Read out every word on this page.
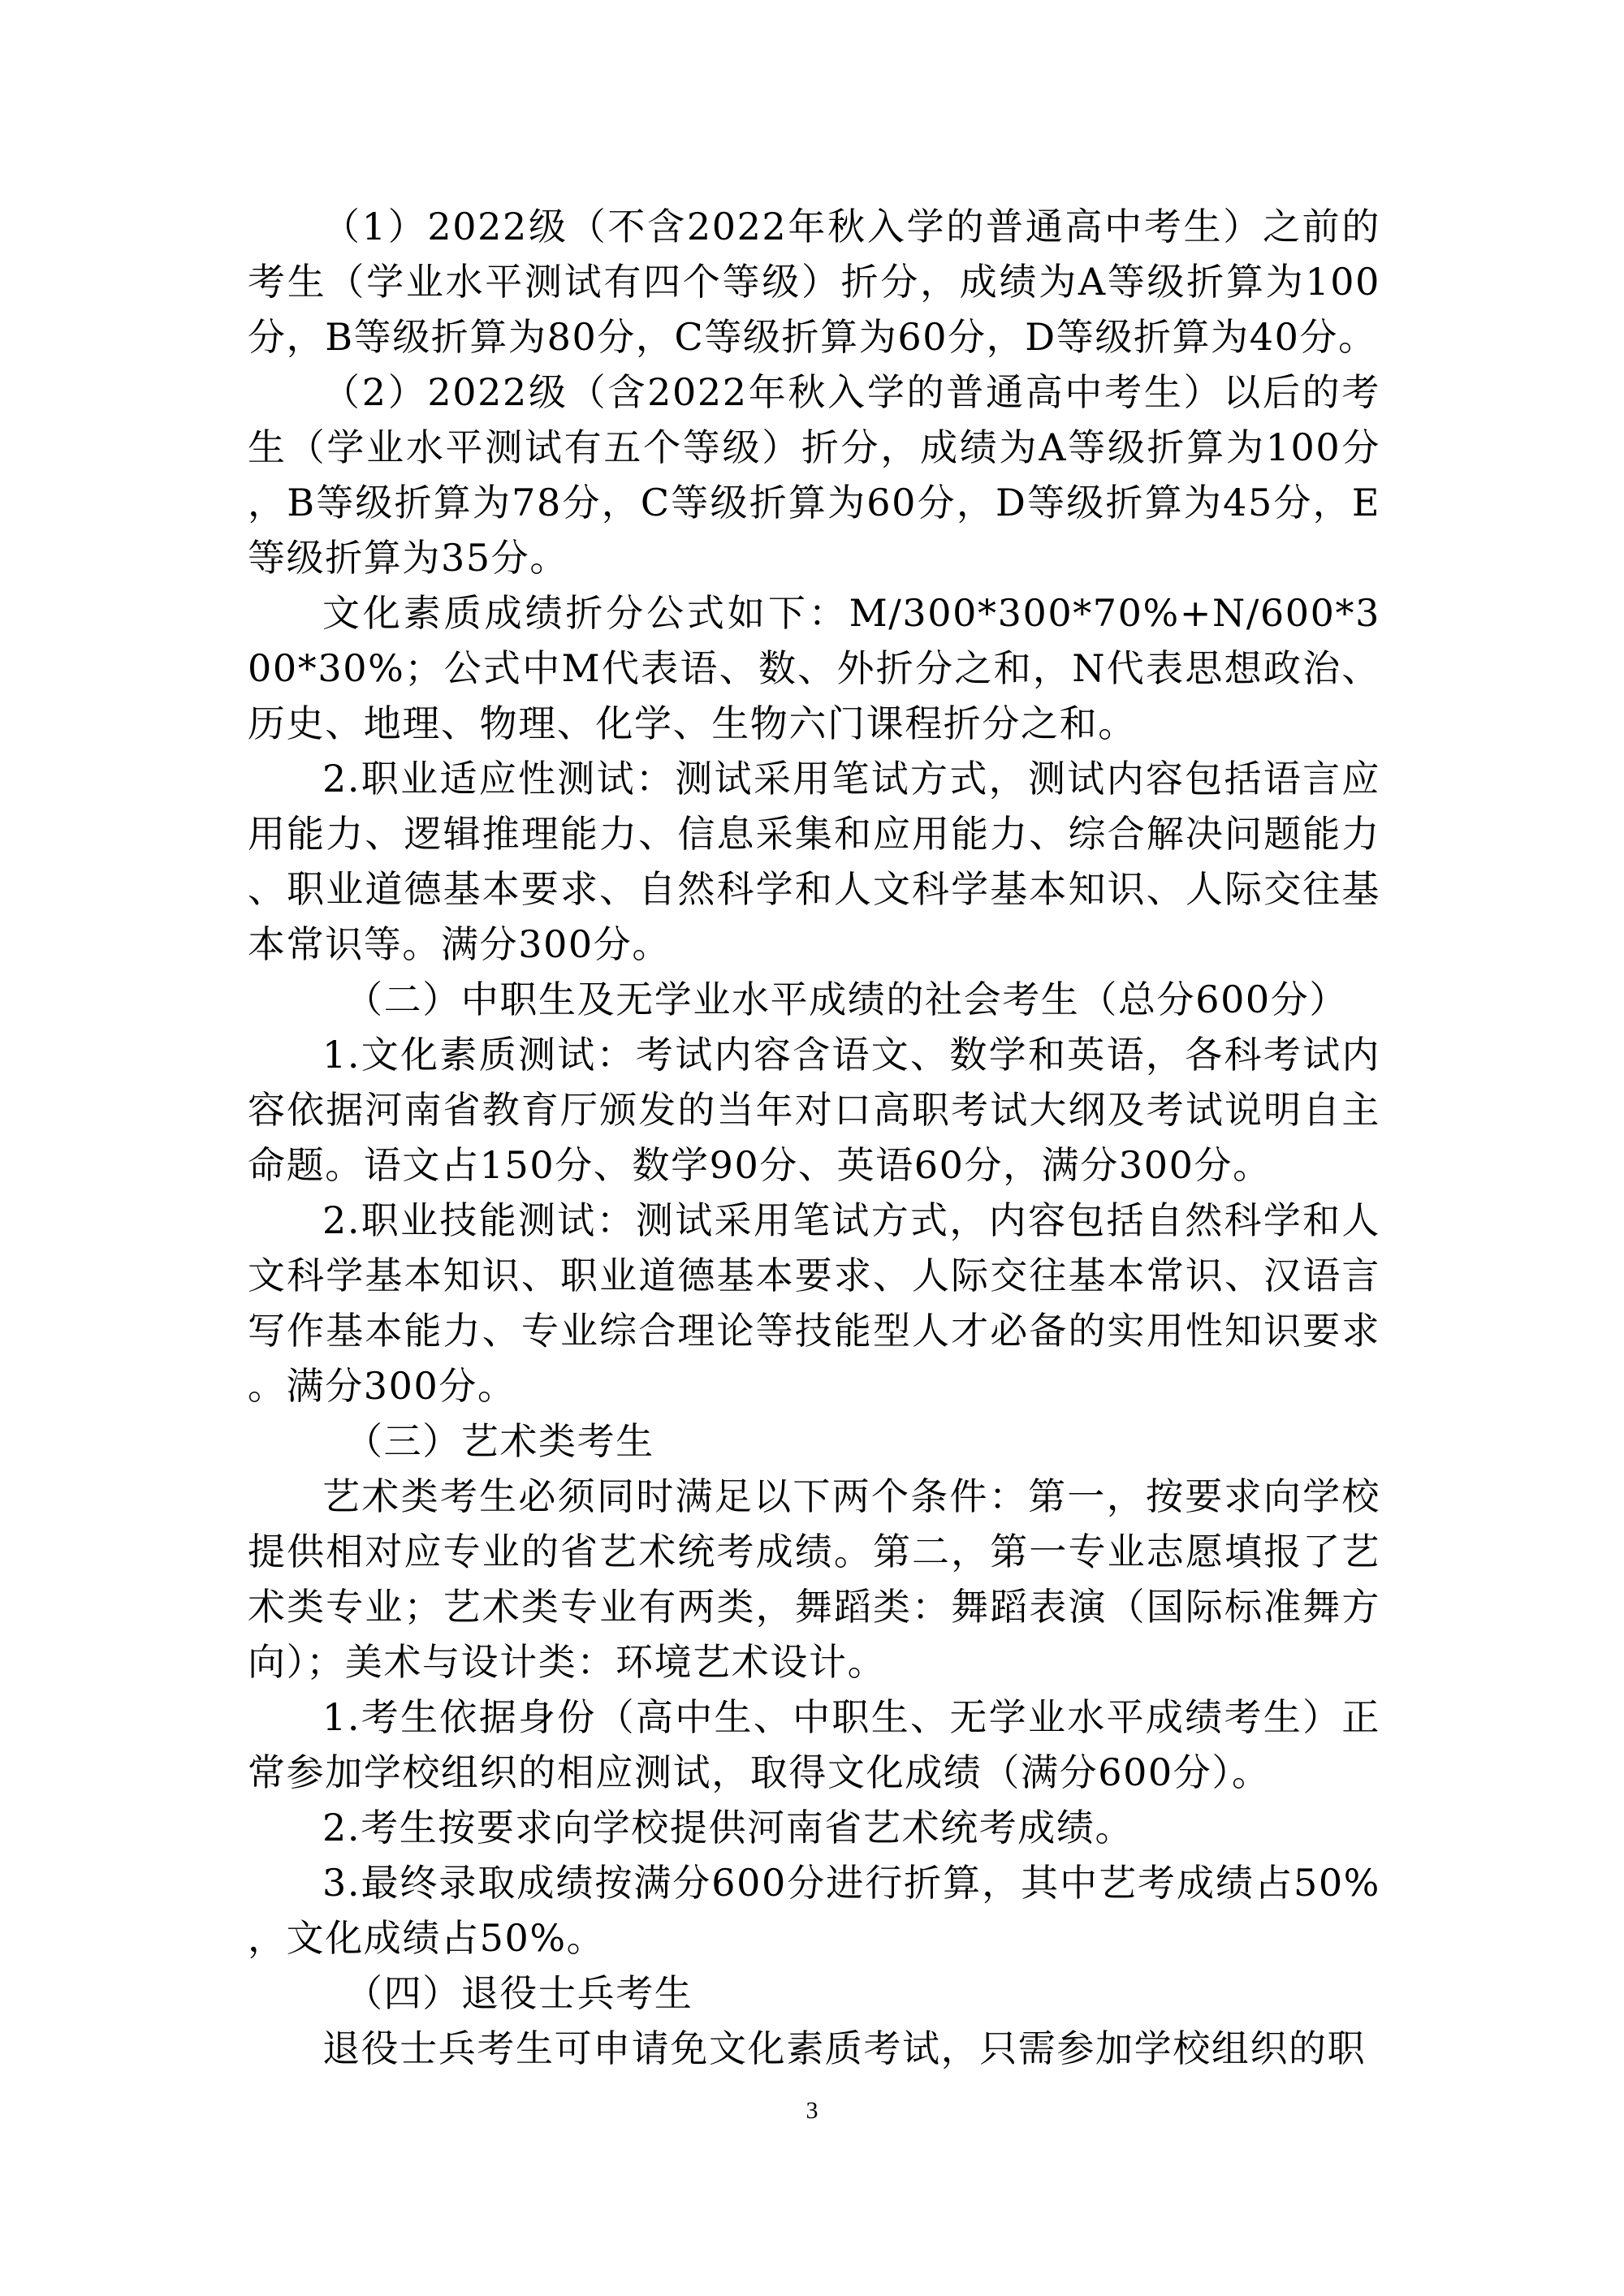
（1）2022级（不含2022年秋入学的普通高中考生）之前的考生（学业水平测试有四个等级）折分，成绩为A等级折算为100分，B等级折算为80分，C等级折算为60分，D等级折算为40分。

（2）2022级（含2022年秋入学的普通高中考生）以后的考生（学业水平测试有五个等级）折分，成绩为A等级折算为100分，B等级折算为78分，C等级折算为60分，D等级折算为45分，E等级折算为35分。

文化素质成绩折分公式如下：M/300*300*70%+N/600*300*30%；公式中M代表语、数、外折分之和，N代表思想政治、历史、地理、物理、化学、生物六门课程折分之和。

2.职业适应性测试：测试采用笔试方式，测试内容包括语言应用能力、逻辑推理能力、信息采集和应用能力、综合解决问题能力、职业道德基本要求、自然科学和人文科学基本知识、人际交往基本常识等。满分300分。

（二）中职生及无学业水平成绩的社会考生（总分600分）

1.文化素质测试：考试内容含语文、数学和英语，各科考试内容依据河南省教育厅颁发的当年对口高职考试大纲及考试说明自主命题。语文占150分、数学90分、英语60分，满分300分。

2.职业技能测试：测试采用笔试方式，内容包括自然科学和人文科学基本知识、职业道德基本要求、人际交往基本常识、汉语言写作基本能力、专业综合理论等技能型人才必备的实用性知识要求。满分300分。

（三）艺术类考生

艺术类考生必须同时满足以下两个条件：第一，按要求向学校提供相对应专业的省艺术统考成绩。第二，第一专业志愿填报了艺术类专业；艺术类专业有两类，舞蹈类：舞蹈表演（国际标准舞方向）；美术与设计类：环境艺术设计。

1.考生依据身份（高中生、中职生、无学业水平成绩考生）正常参加学校组织的相应测试，取得文化成绩（满分600分）。

2.考生按要求向学校提供河南省艺术统考成绩。

3.最终录取成绩按满分600分进行折算，其中艺考成绩占50%，文化成绩占50%。

（四）退役士兵考生

退役士兵考生可申请免文化素质考试，只需参加学校组织的职

3
